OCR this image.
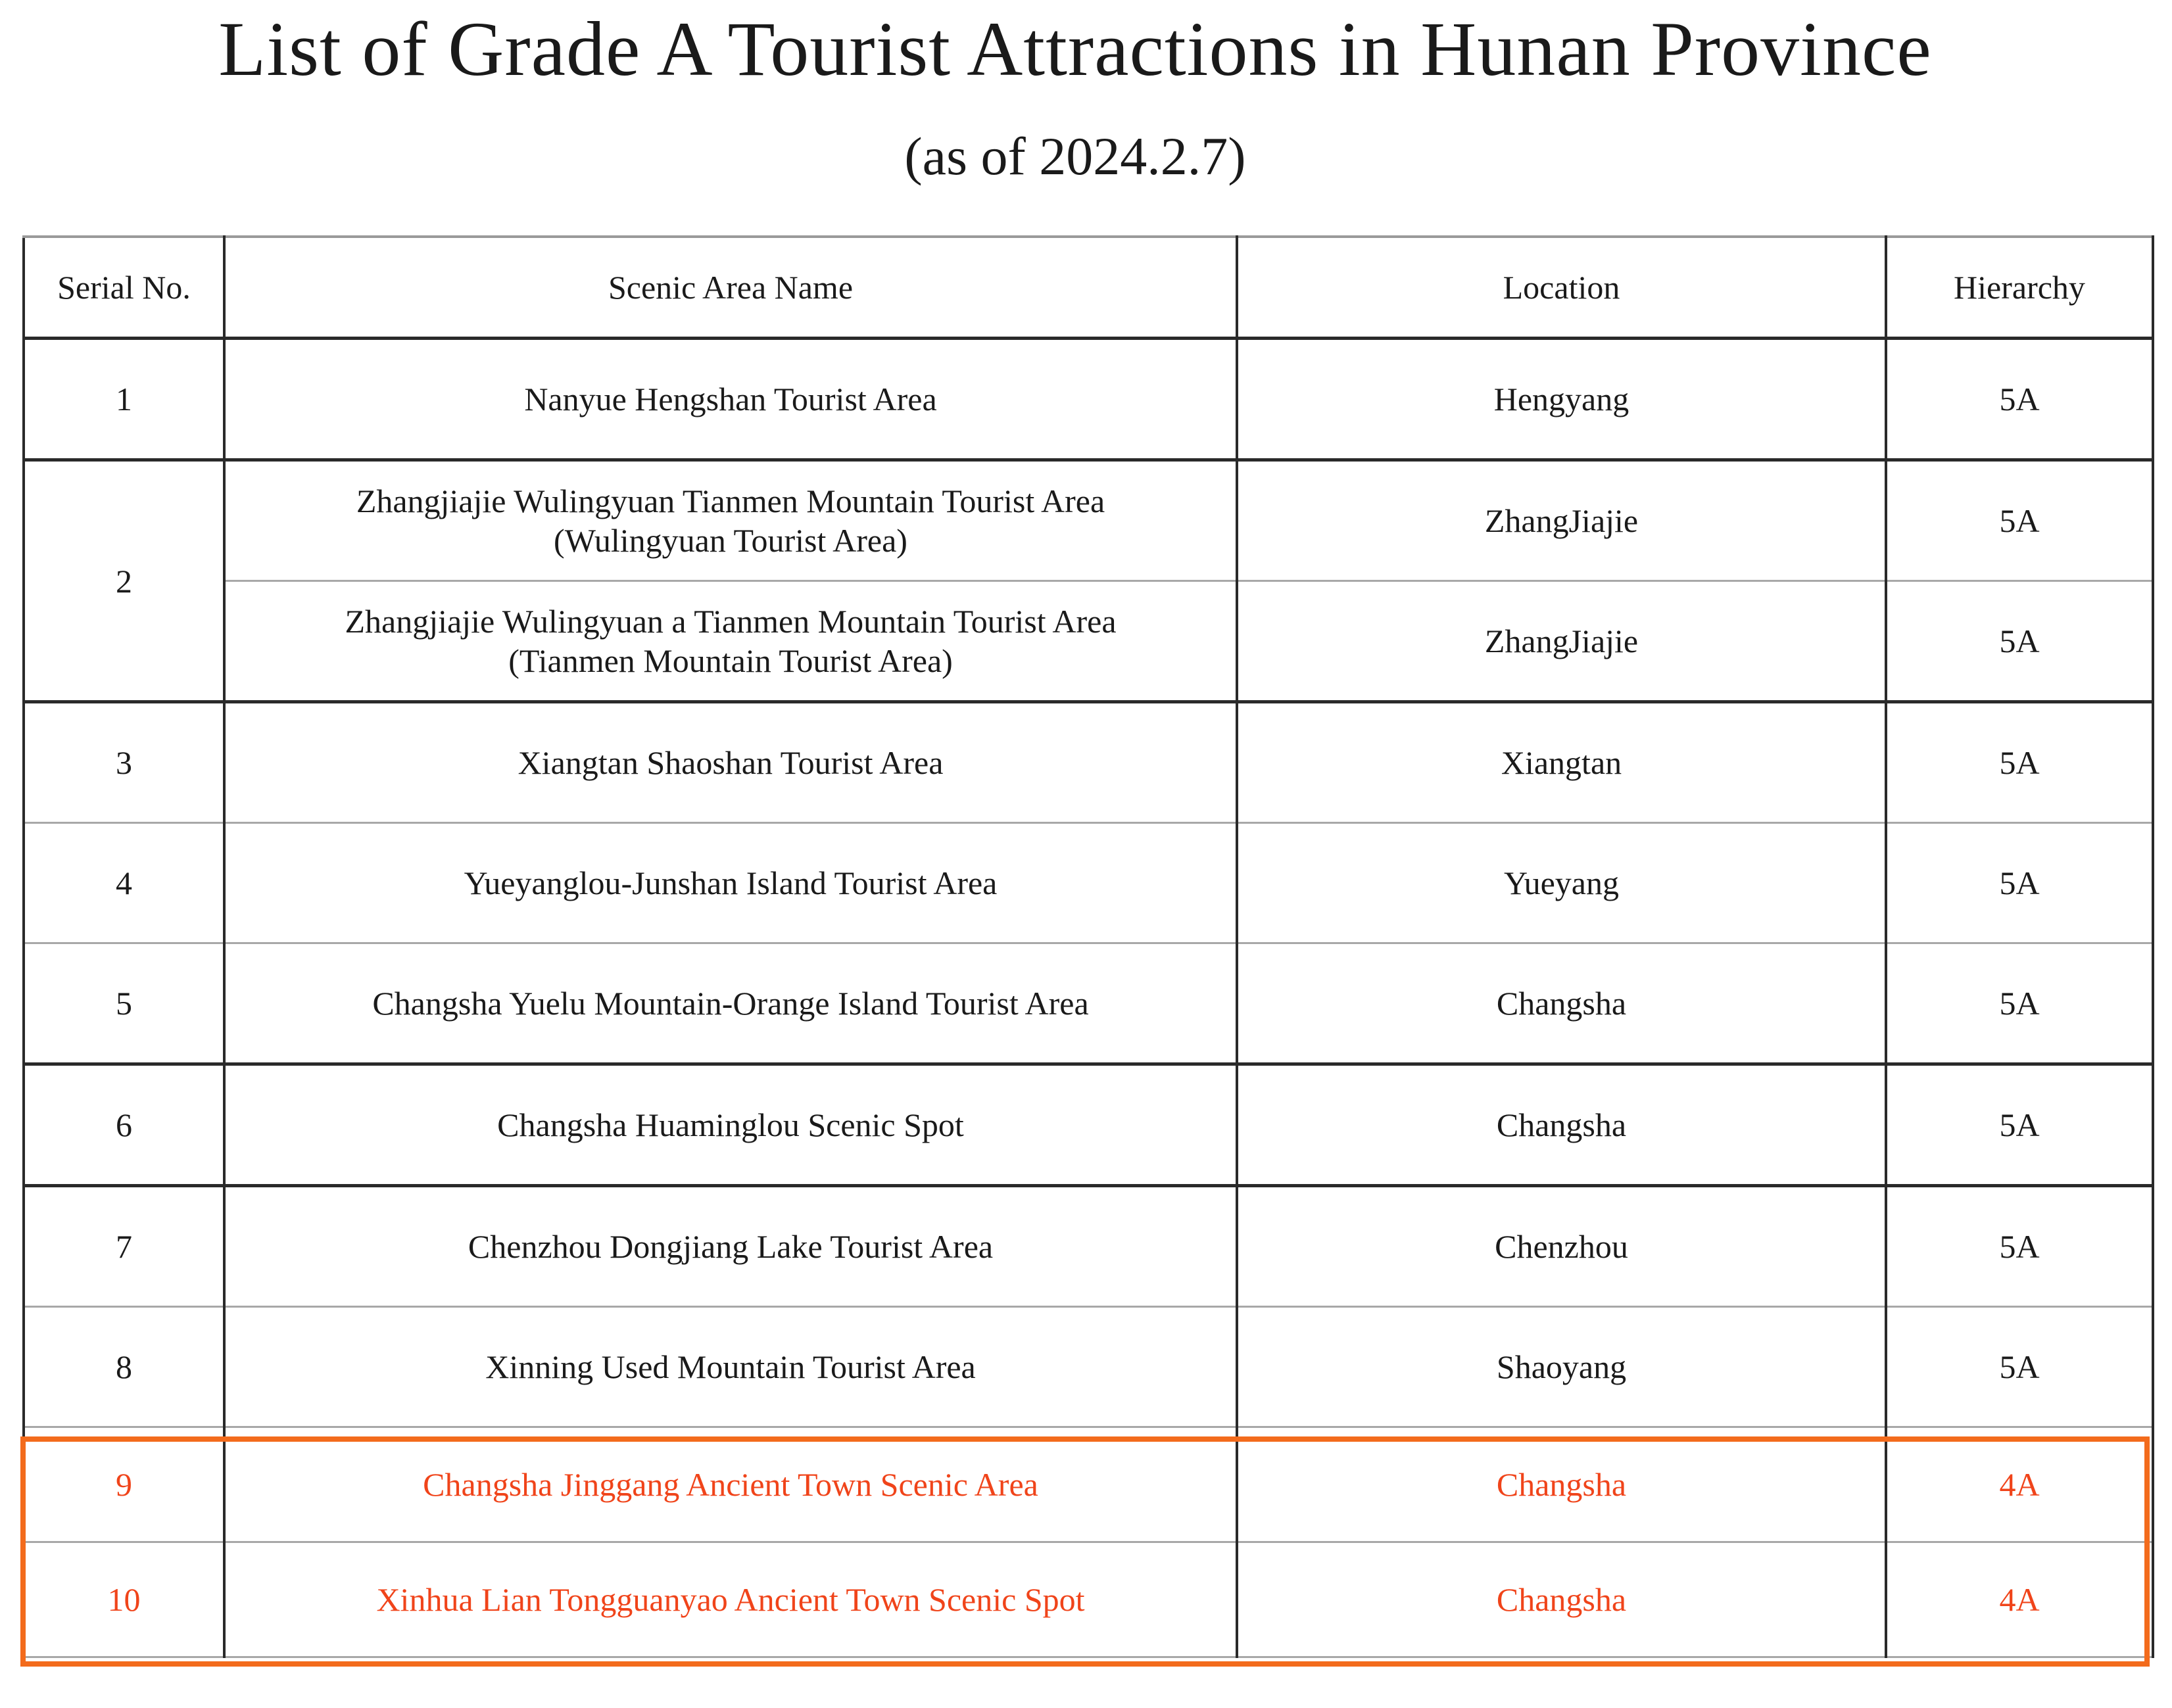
List of Grade A Tourist Attractions in Hunan Province
(as of 2024.2.7)
Serial No.	Scenic Area Name	Location	Hierarchy
1	Nanyue Hengshan Tourist Area	Hengyang	5A
2	Zhangjiajie Wulingyuan Tianmen Mountain Tourist Area
(Wulingyuan Tourist Area)	ZhangJiajie	5A

	Zhangjiajie Wulingyuan a Tianmen Mountain Tourist Area
(Tianmen Mountain Tourist Area)	ZhangJiajie	5A
3	Xiangtan Shaoshan Tourist Area	Xiangtan	5A
4	Yueyanglou-Junshan Island Tourist Area	Yueyang	5A
5	Changsha Yuelu Mountain-Orange Island Tourist Area	Changsha	5A
6	Changsha Huaminglou Scenic Spot	Changsha	5A
7	Chenzhou Dongjiang Lake Tourist Area	Chenzhou	5A
8	Xinning Used Mountain Tourist Area	Shaoyang	5A
9	Changsha Jinggang Ancient Town Scenic Area	Changsha	4A
10	Xinhua Lian Tongguanyao Ancient Town Scenic Spot	Changsha	4A
